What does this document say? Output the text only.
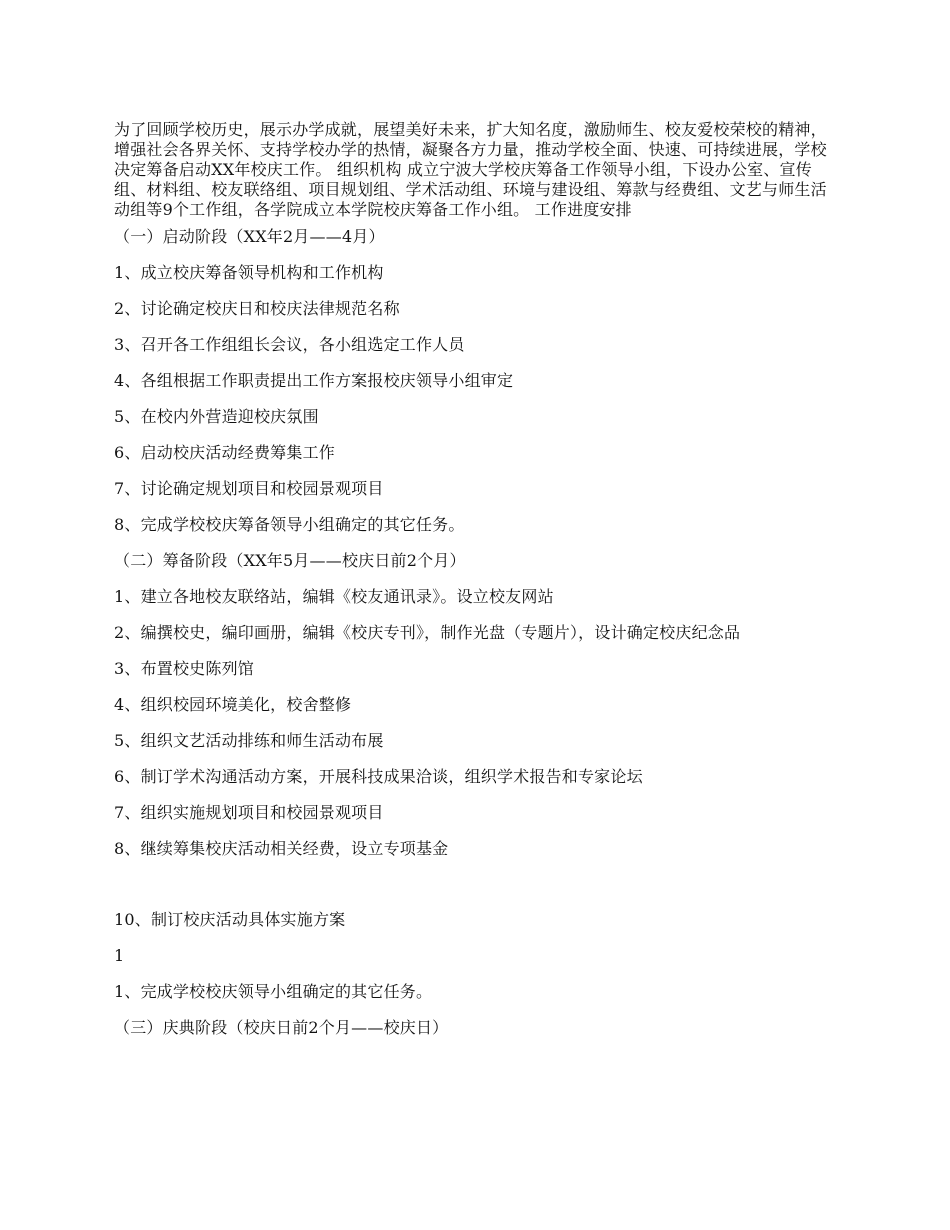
为了回顾学校历史，展示办学成就，展望美好未来，扩大知名度，激励师生、校友爱校荣校的精神，增强社会各界关怀、支持学校办学的热情，凝聚各方力量，推动学校全面、快速、可持续进展，学校决定筹备启动XX年校庆工作。 组织机构 成立宁波大学校庆筹备工作领导小组，下设办公室、宣传组、材料组、校友联络组、项目规划组、学术活动组、环境与建设组、筹款与经费组、文艺与师生活动组等9个工作组，各学院成立本学院校庆筹备工作小组。 工作进度安排

（一）启动阶段（XX年2月——4月）

1、成立校庆筹备领导机构和工作机构

2、讨论确定校庆日和校庆法律规范名称

3、召开各工作组组长会议，各小组选定工作人员

4、各组根据工作职责提出工作方案报校庆领导小组审定

5、在校内外营造迎校庆氛围

6、启动校庆活动经费筹集工作

7、讨论确定规划项目和校园景观项目

8、完成学校校庆筹备领导小组确定的其它任务。

（二）筹备阶段（XX年5月——校庆日前2个月）

1、建立各地校友联络站，编辑《校友通讯录》。设立校友网站

2、编撰校史，编印画册，编辑《校庆专刊》，制作光盘（专题片），设计确定校庆纪念品

3、布置校史陈列馆

4、组织校园环境美化，校舍整修

5、组织文艺活动排练和师生活动布展

6、制订学术沟通活动方案，开展科技成果洽谈，组织学术报告和专家论坛

7、组织实施规划项目和校园景观项目

8、继续筹集校庆活动相关经费，设立专项基金

10、制订校庆活动具体实施方案

1

1、完成学校校庆领导小组确定的其它任务。

（三）庆典阶段（校庆日前2个月——校庆日）
